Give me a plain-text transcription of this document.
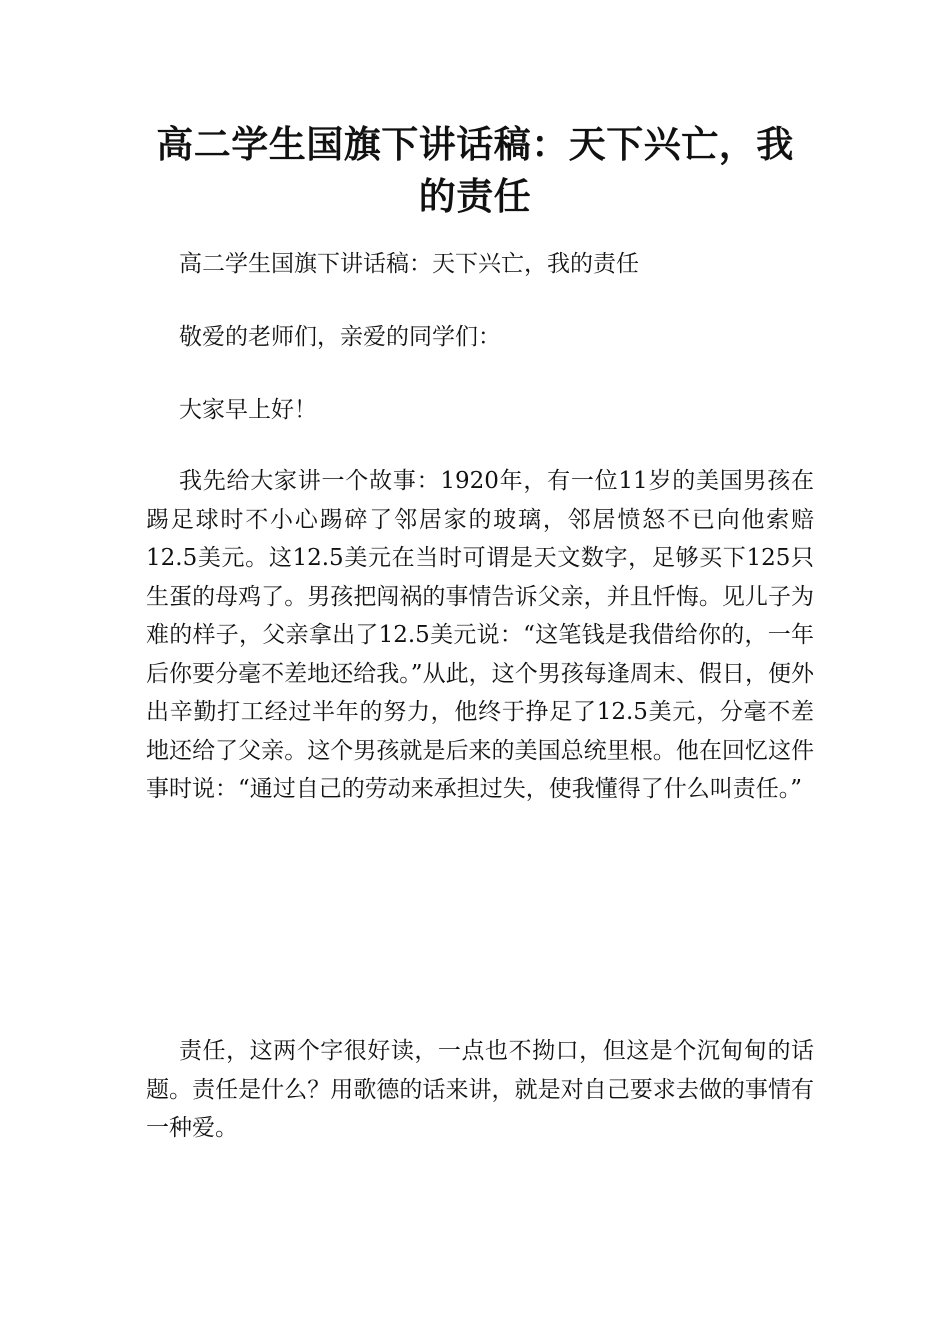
高二学生国旗下讲话稿：天下兴亡，我的责任

高二学生国旗下讲话稿：天下兴亡，我的责任

敬爱的老师们，亲爱的同学们：

大家早上好！

我先给大家讲一个故事：1920年，有一位11岁的美国男孩在踢足球时不小心踢碎了邻居家的玻璃，邻居愤怒不已向他索赔12.5美元。这12.5美元在当时可谓是天文数字，足够买下125只生蛋的母鸡了。男孩把闯祸的事情告诉父亲，并且忏悔。见儿子为难的样子，父亲拿出了12.5美元说：“这笔钱是我借给你的，一年后你要分毫不差地还给我。”从此，这个男孩每逢周末、假日，便外出辛勤打工经过半年的努力，他终于挣足了12.5美元，分毫不差地还给了父亲。这个男孩就是后来的美国总统里根。他在回忆这件事时说：“通过自己的劳动来承担过失，使我懂得了什么叫责任。”

责任，这两个字很好读，一点也不拗口，但这是个沉甸甸的话题。责任是什么？用歌德的话来讲，就是对自己要求去做的事情有一种爱。
